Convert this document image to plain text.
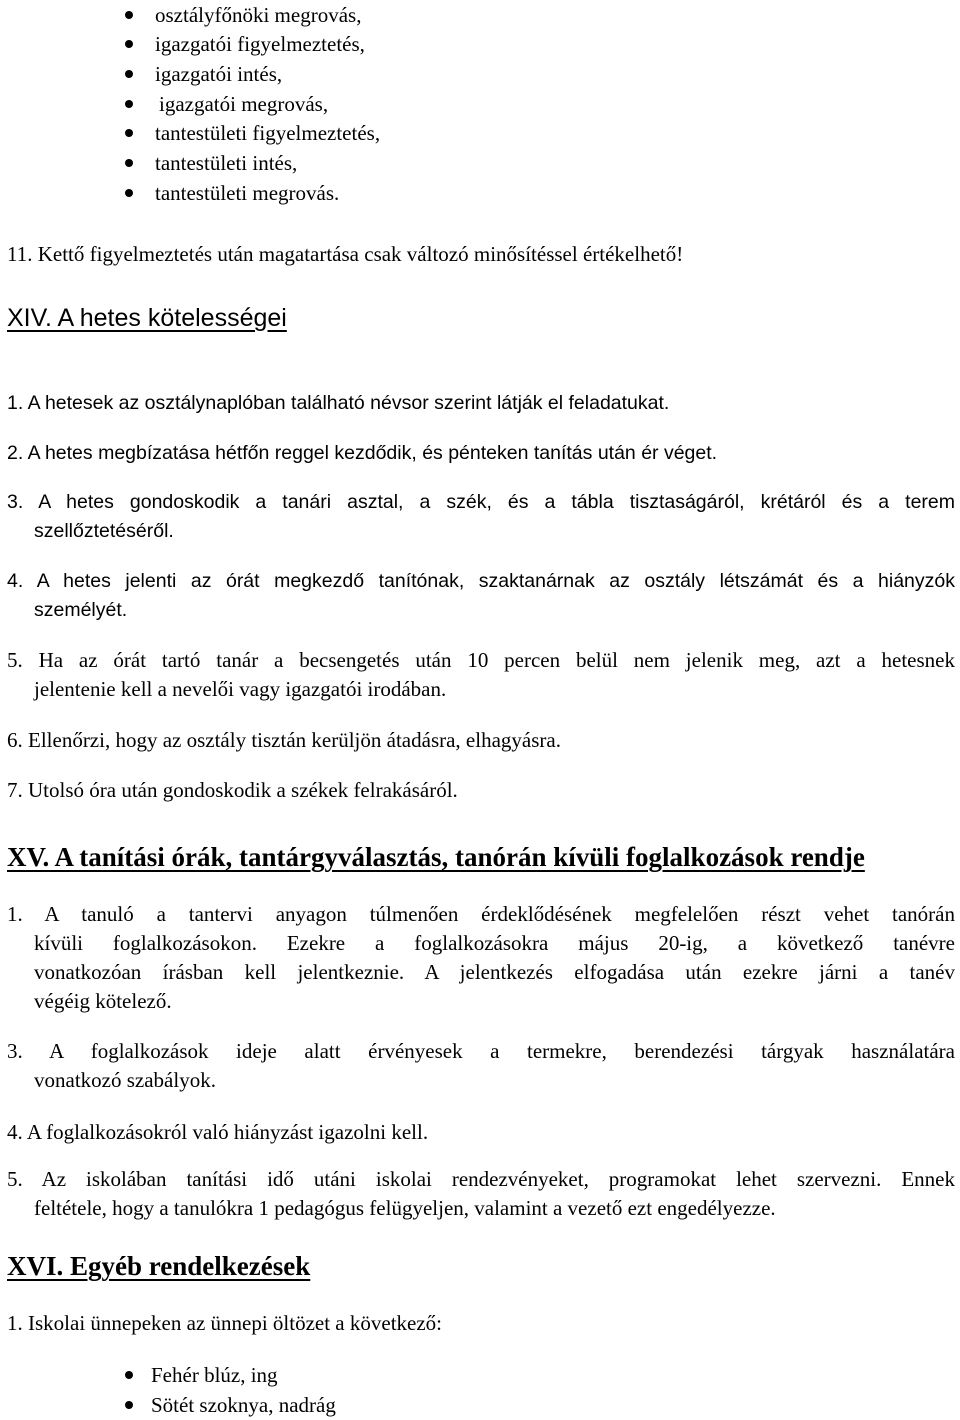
osztályfőnöki megrovás,
igazgatói figyelmeztetés,
igazgatói intés,
igazgatói megrovás,
tantestületi figyelmeztetés,
tantestületi intés,
tantestületi megrovás.
11. Kettő figyelmeztetés után magatartása csak változó minősítéssel értékelhető!
XIV. A hetes kötelességei
1. A hetesek az osztálynaplóban található névsor szerint látják el feladatukat.
2. A hetes megbízatása hétfőn reggel kezdődik, és pénteken tanítás után ér véget.
3. A hetes gondoskodik a tanári asztal, a szék, és a tábla tisztaságáról, krétáról és a terem
szellőztetéséről.
4. A hetes jelenti az órát megkezdő tanítónak, szaktanárnak az osztály létszámát és a hiányzók
személyét.
5. Ha az órát tartó tanár a becsengetés után 10 percen belül nem jelenik meg, azt a hetesnek
jelentenie kell a nevelői vagy igazgatói irodában.
6. Ellenőrzi, hogy az osztály tisztán kerüljön átadásra, elhagyásra.
7. Utolsó óra után gondoskodik a székek felrakásáról.
XV. A tanítási órák, tantárgyválasztás, tanórán kívüli foglalkozások rendje
1. A tanuló a tantervi anyagon túlmenően érdeklődésének megfelelően részt vehet tanórán
kívüli foglalkozásokon. Ezekre a foglalkozásokra május 20-ig, a következő tanévre
vonatkozóan írásban kell jelentkeznie. A jelentkezés elfogadása után ezekre járni a tanév
végéig kötelező.
3. A foglalkozások ideje alatt érvényesek a termekre, berendezési tárgyak használatára
vonatkozó szabályok.
4. A foglalkozásokról való hiányzást igazolni kell.
5. Az iskolában tanítási idő utáni iskolai rendezvényeket, programokat lehet szervezni. Ennek
feltétele, hogy a tanulókra 1 pedagógus felügyeljen, valamint a vezető ezt engedélyezze.
XVI. Egyéb rendelkezések
1. Iskolai ünnepeken az ünnepi öltözet a következő:
Fehér blúz, ing
Sötét szoknya, nadrág
